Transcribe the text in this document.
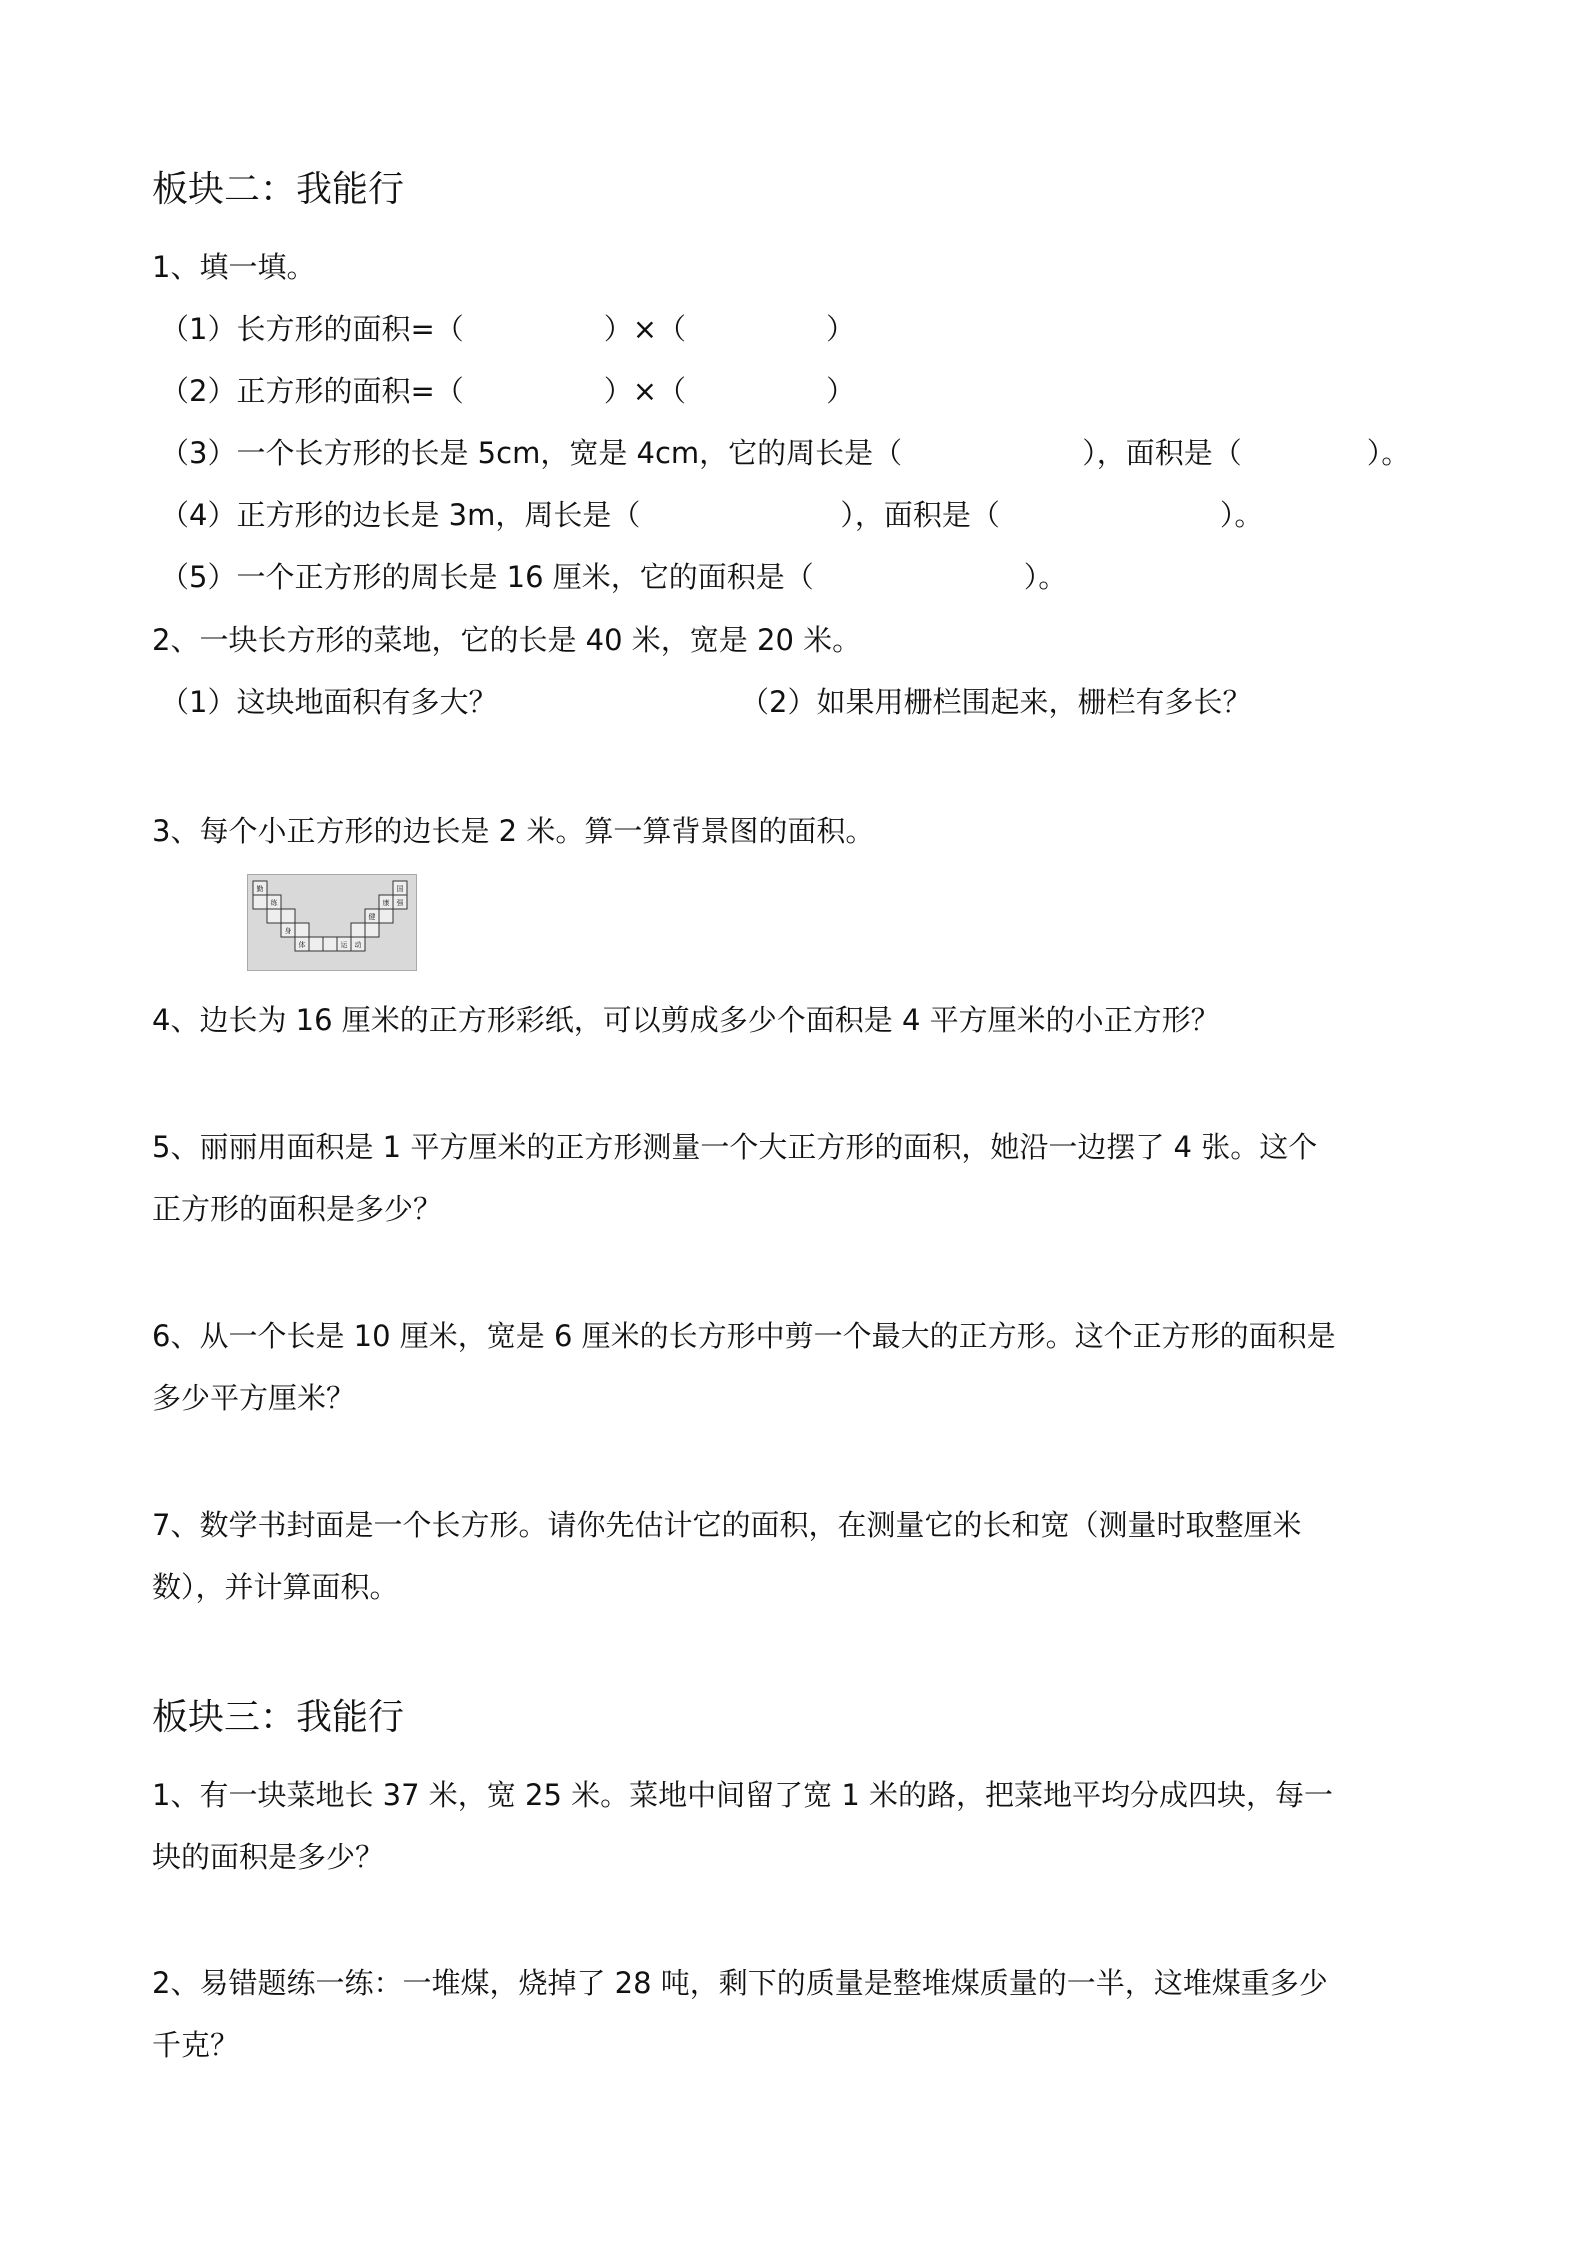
板块二：我能行
1、填一填。
（1）长方形的面积=（	）×（	）
（2）正方形的面积=（	）×（	）
（3）一个长方形的长是 5cm，宽是 4cm，它的周长是（	），面积是（	）。
（4）正方形的边长是 3m，周长是（	），面积是（	）。
（5）一个正方形的周长是 16 厘米，它的面积是（	）。
2、一块长方形的菜地，它的长是 40 米，宽是 20 米。
（1）这块地面积有多大？	（2）如果用栅栏围起来，栅栏有多长？
3、每个小正方形的边长是 2 米。算一算背景图的面积。
勤
练
身
体	运 动
健
康 强
国
4、边长为 16 厘米的正方形彩纸，可以剪成多少个面积是 4 平方厘米的小正方形？
5、丽丽用面积是 1 平方厘米的正方形测量一个大正方形的面积，她沿一边摆了 4 张。这个
正方形的面积是多少？
6、从一个长是 10 厘米，宽是 6 厘米的长方形中剪一个最大的正方形。这个正方形的面积是
多少平方厘米？
7、数学书封面是一个长方形。请你先估计它的面积，在测量它的长和宽（测量时取整厘米
数），并计算面积。
板块三：我能行
1、有一块菜地长 37 米，宽 25 米。菜地中间留了宽 1 米的路，把菜地平均分成四块，每一
块的面积是多少？
2、易错题练一练：一堆煤，烧掉了 28 吨，剩下的质量是整堆煤质量的一半，这堆煤重多少
千克？
